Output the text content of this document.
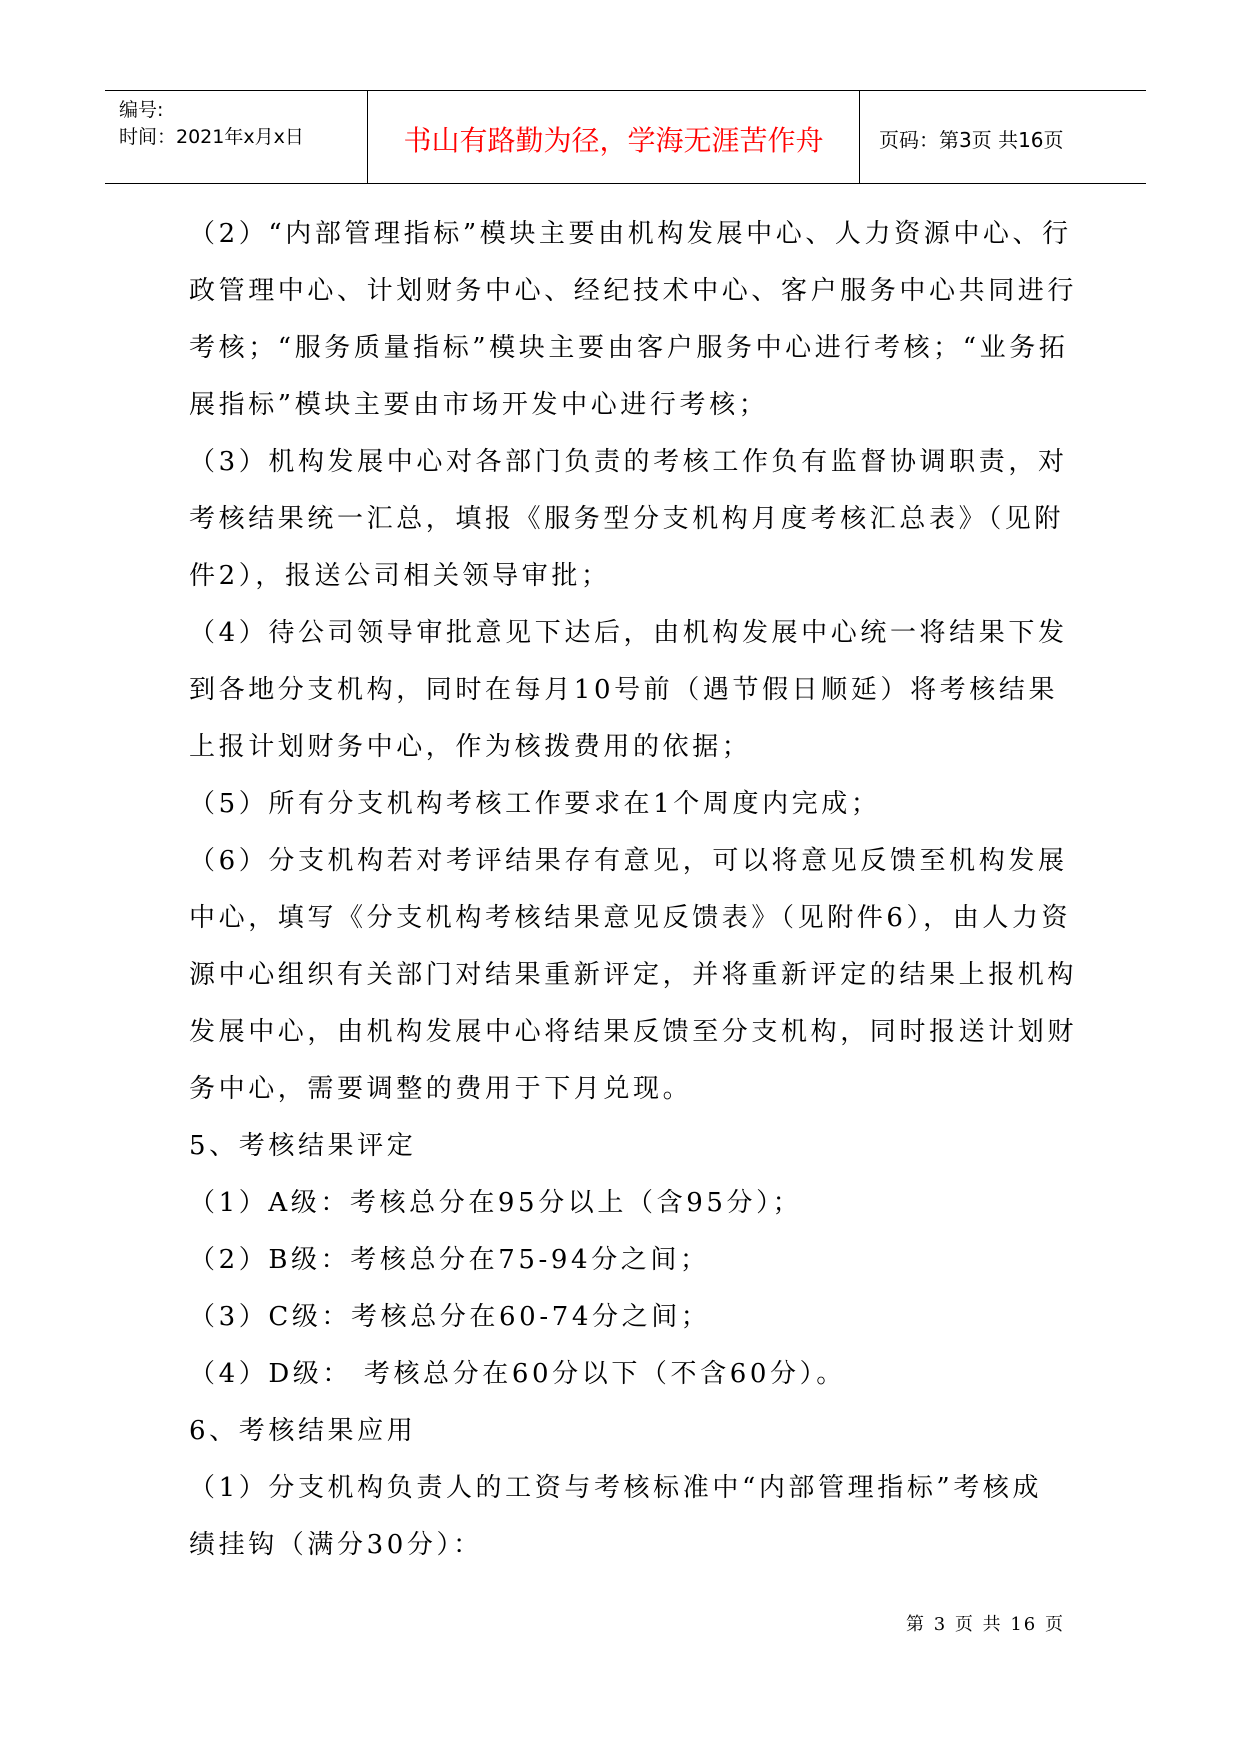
编号:
时间：2021年x月x日	书山有路勤为径，学海无涯苦作舟	页码：第3页 共16页
（2）“内部管理指标”模块主要由机构发展中心、人力资源中心、行
政管理中心、计划财务中心、经纪技术中心、客户服务中心共同进行
考核；“服务质量指标”模块主要由客户服务中心进行考核；“业务拓
展指标”模块主要由市场开发中心进行考核；
（3）机构发展中心对各部门负责的考核工作负有监督协调职责，对
考核结果统一汇总，填报《服务型分支机构月度考核汇总表》（见附
件2），报送公司相关领导审批；
（4）待公司领导审批意见下达后，由机构发展中心统一将结果下发
到各地分支机构，同时在每月10号前（遇节假日顺延）将考核结果
上报计划财务中心，作为核拨费用的依据；
（5）所有分支机构考核工作要求在1个周度内完成；
（6）分支机构若对考评结果存有意见，可以将意见反馈至机构发展
中心，填写《分支机构考核结果意见反馈表》（见附件6），由人力资
源中心组织有关部门对结果重新评定，并将重新评定的结果上报机构
发展中心，由机构发展中心将结果反馈至分支机构，同时报送计划财
务中心，需要调整的费用于下月兑现。
5、考核结果评定
（1）A级：考核总分在95分以上（含95分）；
（2）B级：考核总分在75-94分之间；
（3）C级：考核总分在60-74分之间；
（4）D级： 考核总分在60分以下（不含60分）。
6、考核结果应用
（1）分支机构负责人的工资与考核标准中“内部管理指标”考核成
绩挂钩（满分30分）：
第 3 页 共 16 页
